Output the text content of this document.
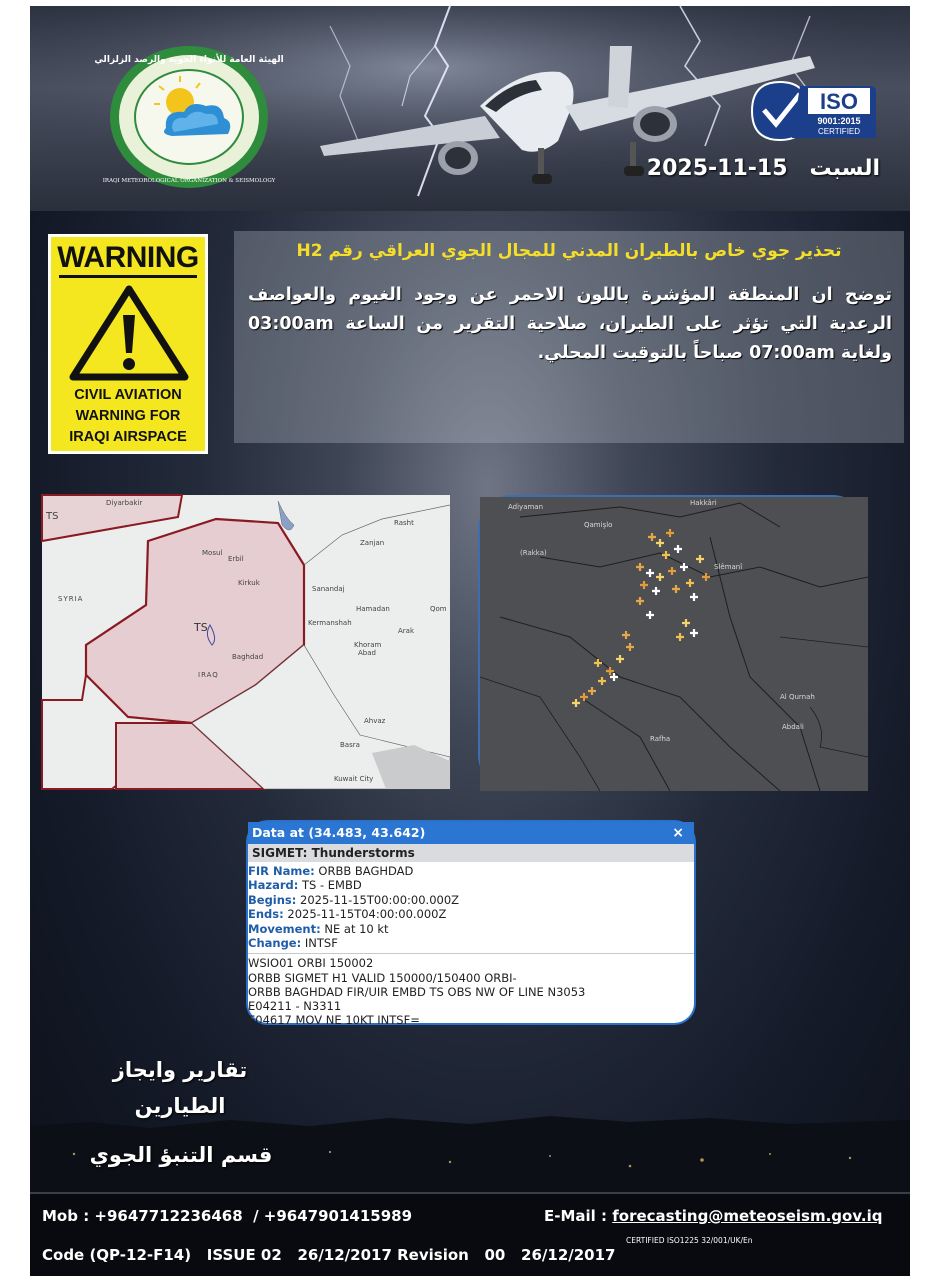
الهيئة العامة للأنواء الجوية والرصد الزلزالي
IRAQI METEOROLOGICAL ORGANIZATION & SEISMOLOGY
ISO
9001:2015
CERTIFIED
السبت2025-11-15
WARNING
CIVIL AVIATION
WARNING FOR
IRAQI AIRSPACE
تحذير جوي خاص بالطيران المدني للمجال الجوي العراقي رقم H2
توضح ان المنطقة المؤشرة باللون الاحمر عن وجود الغيوم والعواصف الرعدية التي تؤثر على الطيران، صلاحية التقرير من الساعة 03:00am ولغاية 07:00am صباحاً بالتوقيت المحلي.
Diyarbakir
TS
Rasht
Mosul
Erbil
Zanjan
Kirkuk
Sanandaj
SYRIA
Hamadan	Qom
Kermanshah
TS	Arak
Khoram
Abad
Baghdad
IRAQ
Ahvaz
Basra
Kuwait City
Adiyaman	Hakkâri
Qamişlo
(Rakka)
Slêmanî
Al Qurnah
Abdali
Rafha
Data at (34.483, 43.642)	×
SIGMET: Thunderstorms
FIR Name: ORBB BAGHDAD
Hazard: TS - EMBD
Begins: 2025-11-15T00:00:00.000Z
Ends: 2025-11-15T04:00:00.000Z
Movement: NE at 10 kt
Change: INTSF
WSIO01 ORBI 150002
ORBB SIGMET H1 VALID 150000/150400 ORBI-
ORBB BAGHDAD FIR/UIR EMBD TS OBS NW OF LINE N3053
E04211 - N3311
E04617 MOV NE 10KT INTSF=
تقارير وايجاز
الطيارين
قسم التنبؤ الجوي
Mob : +9647712236468  / +9647901415989	E-Mail : forecasting@meteoseism.gov.iq
Code (QP-12-F14)   ISSUE 02   26/12/2017 Revision   00   26/12/2017
CERTIFIED ISO1225 32/001/UK/En
